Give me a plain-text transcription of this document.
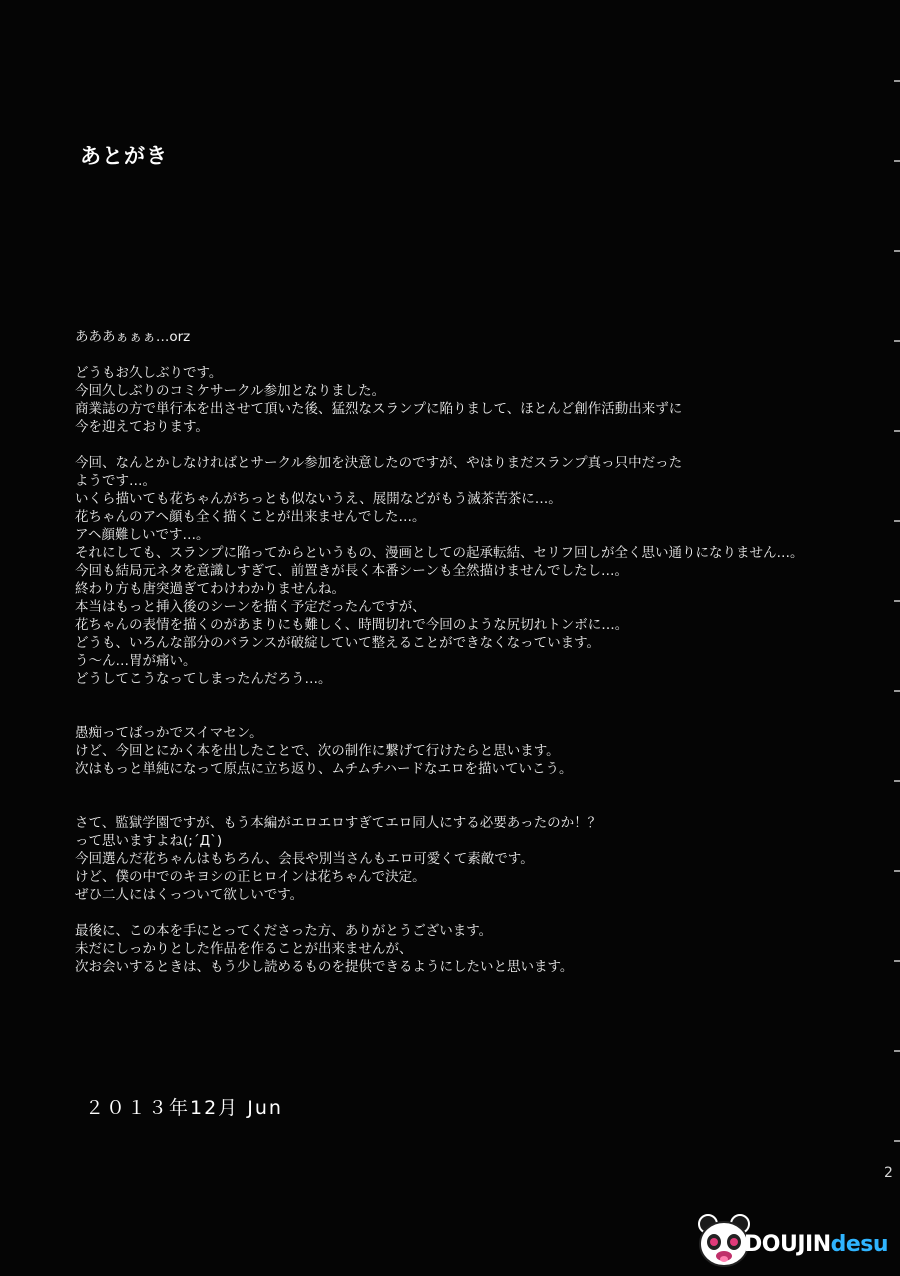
あとがき
あああぁぁぁ…orz
どうもお久しぶりです。
今回久しぶりのコミケサークル参加となりました。
商業誌の方で単行本を出させて頂いた後、猛烈なスランプに陥りまして、ほとんど創作活動出来ずに
今を迎えております。
今回、なんとかしなければとサークル参加を決意したのですが、やはりまだスランプ真っ只中だった
ようです…。
いくら描いても花ちゃんがちっとも似ないうえ、展開などがもう滅茶苦茶に…。
花ちゃんのアヘ顔も全く描くことが出来ませんでした…。
アヘ顔難しいです…。
それにしても、スランプに陥ってからというもの、漫画としての起承転結、セリフ回しが全く思い通りになりません…。
今回も結局元ネタを意識しすぎて、前置きが長く本番シーンも全然描けませんでしたし…。
終わり方も唐突過ぎてわけわかりませんね。
本当はもっと挿入後のシーンを描く予定だったんですが、
花ちゃんの表情を描くのがあまりにも難しく、時間切れで今回のような尻切れトンボに…。
どうも、いろんな部分のバランスが破綻していて整えることができなくなっています。
う～ん…胃が痛い。
どうしてこうなってしまったんだろう…。
愚痴ってばっかでスイマセン。
けど、今回とにかく本を出したことで、次の制作に繋げて行けたらと思います。
次はもっと単純になって原点に立ち返り、ムチムチハードなエロを描いていこう。
さて、監獄学園ですが、もう本編がエロエロすぎてエロ同人にする必要あったのか！？
って思いますよね(;´Д`)
今回選んだ花ちゃんはもちろん、会長や別当さんもエロ可愛くて素敵です。
けど、僕の中でのキヨシの正ヒロインは花ちゃんで決定。
ぜひ二人にはくっついて欲しいです。
最後に、この本を手にとってくださった方、ありがとうございます。
未だにしっかりとした作品を作ることが出来ませんが、
次お会いするときは、もう少し読めるものを提供できるようにしたいと思います。
２０１３年12月 Jun
2
DOUJINdesu
